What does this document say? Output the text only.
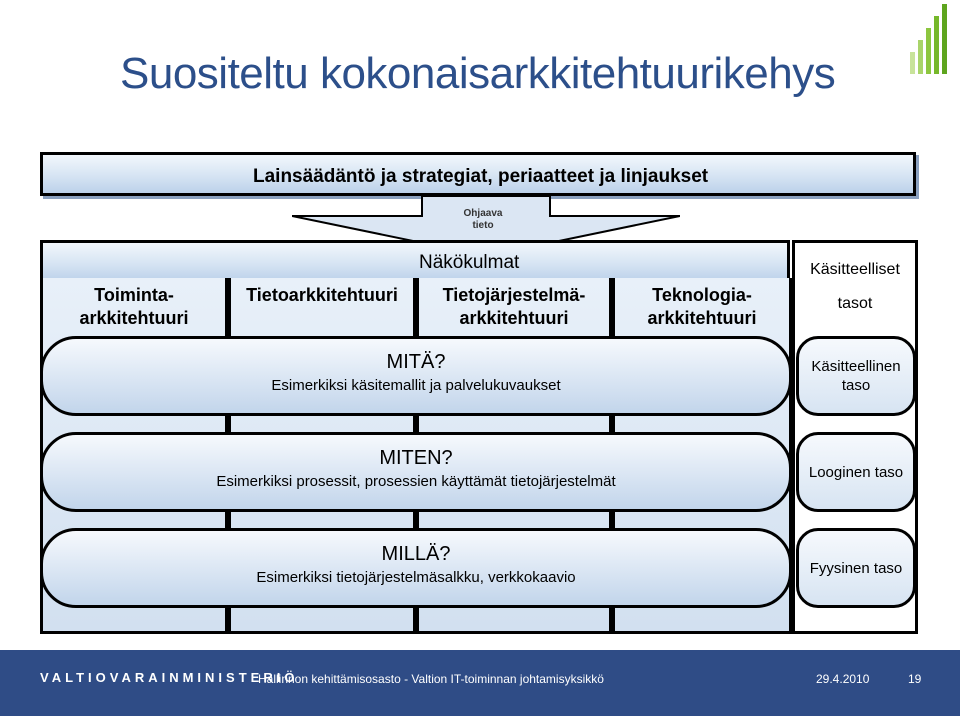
Suositeltu kokonaisarkkitehtuurikehys
Lainsäädäntö ja strategiat, periaatteet ja linjaukset
Ohjaava
tieto
Näkökulmat
Toiminta-
arkkitehtuuri
Tietoarkkitehtuuri	Tietojärjestelmä-
arkkitehtuuri
Teknologia-
arkkitehtuuri
Käsitteelliset
tasot
MITÄ?
Esimerkiksi käsitemallit ja palvelukuvaukset
Käsitteellinen
taso
MITEN?
Esimerkiksi prosessit, prosessien käyttämät tietojärjestelmät
Looginen taso
MILLÄ?
Esimerkiksi tietojärjestelmäsalkku, verkkokaavio
Fyysinen taso
VALTIOVARAINMINISTERIÖ
Hallinnon kehittämisosasto - Valtion IT-toiminnan johtamisyksikkö	29.4.2010	19
